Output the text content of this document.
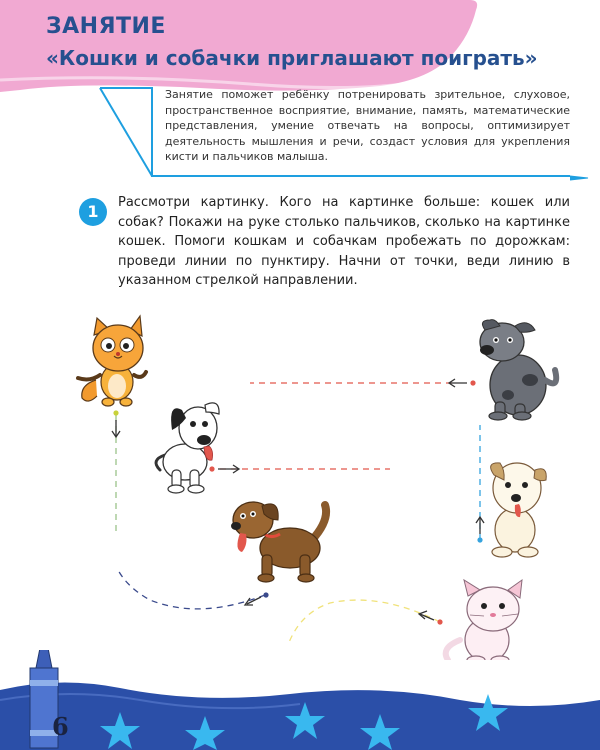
ЗАНЯТИЕ
«Кошки и собачки приглашают поиграть»

Занятие поможет ребёнку потренировать зрительное, слуховое, пространственное восприятие, внимание, память, математические представления, умение отвечать на вопросы, оптимизирует деятельность мышления и речи, создаст условия для укрепления кисти и пальчиков малыша.

1	Рассмотри картинку. Кого на картинке больше: кошек или собак? Покажи на руке столько пальчиков, сколько на картинке кошек. Помоги кошкам и собачкам пробежать по дорожкам: проведи линии по пунктиру. Начни от точки, веди линию в указанном стрелкой направлении.

6
